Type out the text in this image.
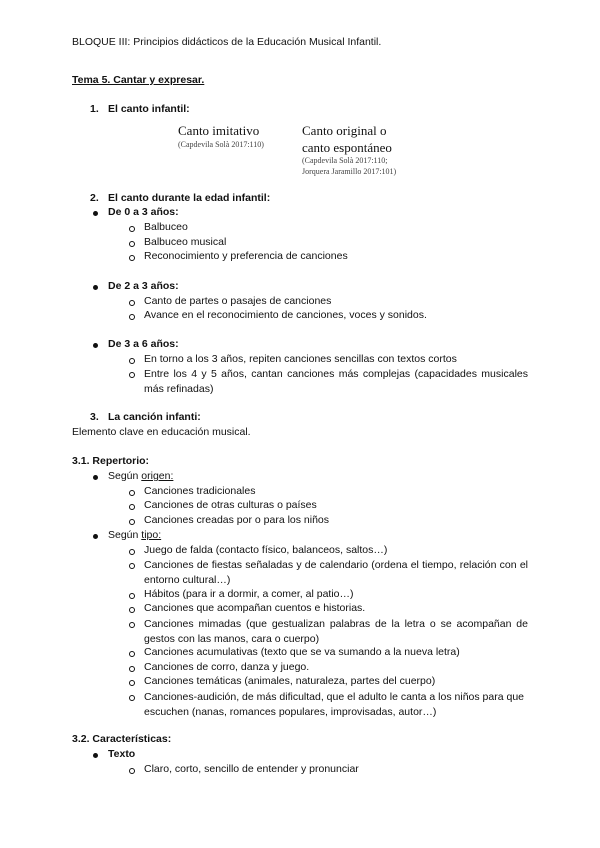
BLOQUE III: Principios didácticos de la Educación Musical Infantil.
Tema 5. Cantar y expresar.
1. El canto infantil:
Canto imitativo
(Capdevila Solà 2017:110)
Canto original o
canto espontáneo
(Capdevila Solà 2017:110;
Jorquera Jaramillo 2017:101)
2. El canto durante la edad infantil:
De 0 a 3 años:
Balbuceo
Balbuceo musical
Reconocimiento y preferencia de canciones
De 2 a 3 años:
Canto de partes o pasajes de canciones
Avance en el reconocimiento de canciones, voces y sonidos.
De 3 a 6 años:
En torno a los 3 años, repiten canciones sencillas con textos cortos
Entre los 4 y 5 años, cantan canciones más complejas (capacidades musicales más refinadas)
3. La canción infanti:
Elemento clave en educación musical.
3.1. Repertorio:
Según origen:
Canciones tradicionales
Canciones de otras culturas o países
Canciones creadas por o para los niños
Según tipo:
Juego de falda (contacto físico, balanceos, saltos…)
Canciones de fiestas señaladas y de calendario (ordena el tiempo, relación con el entorno cultural…)
Hábitos (para ir a dormir, a comer, al patio…)
Canciones que acompañan cuentos e historias.
Canciones mimadas (que gestualizan palabras de la letra o se acompañan de gestos con las manos, cara o cuerpo)
Canciones acumulativas (texto que se va sumando a la nueva letra)
Canciones de corro, danza y juego.
Canciones temáticas (animales, naturaleza, partes del cuerpo)
Canciones-audición, de más dificultad, que el adulto le canta a los niños para que escuchen (nanas, romances populares, improvisadas, autor…)
3.2. Características:
Texto
Claro, corto, sencillo de entender y pronunciar
